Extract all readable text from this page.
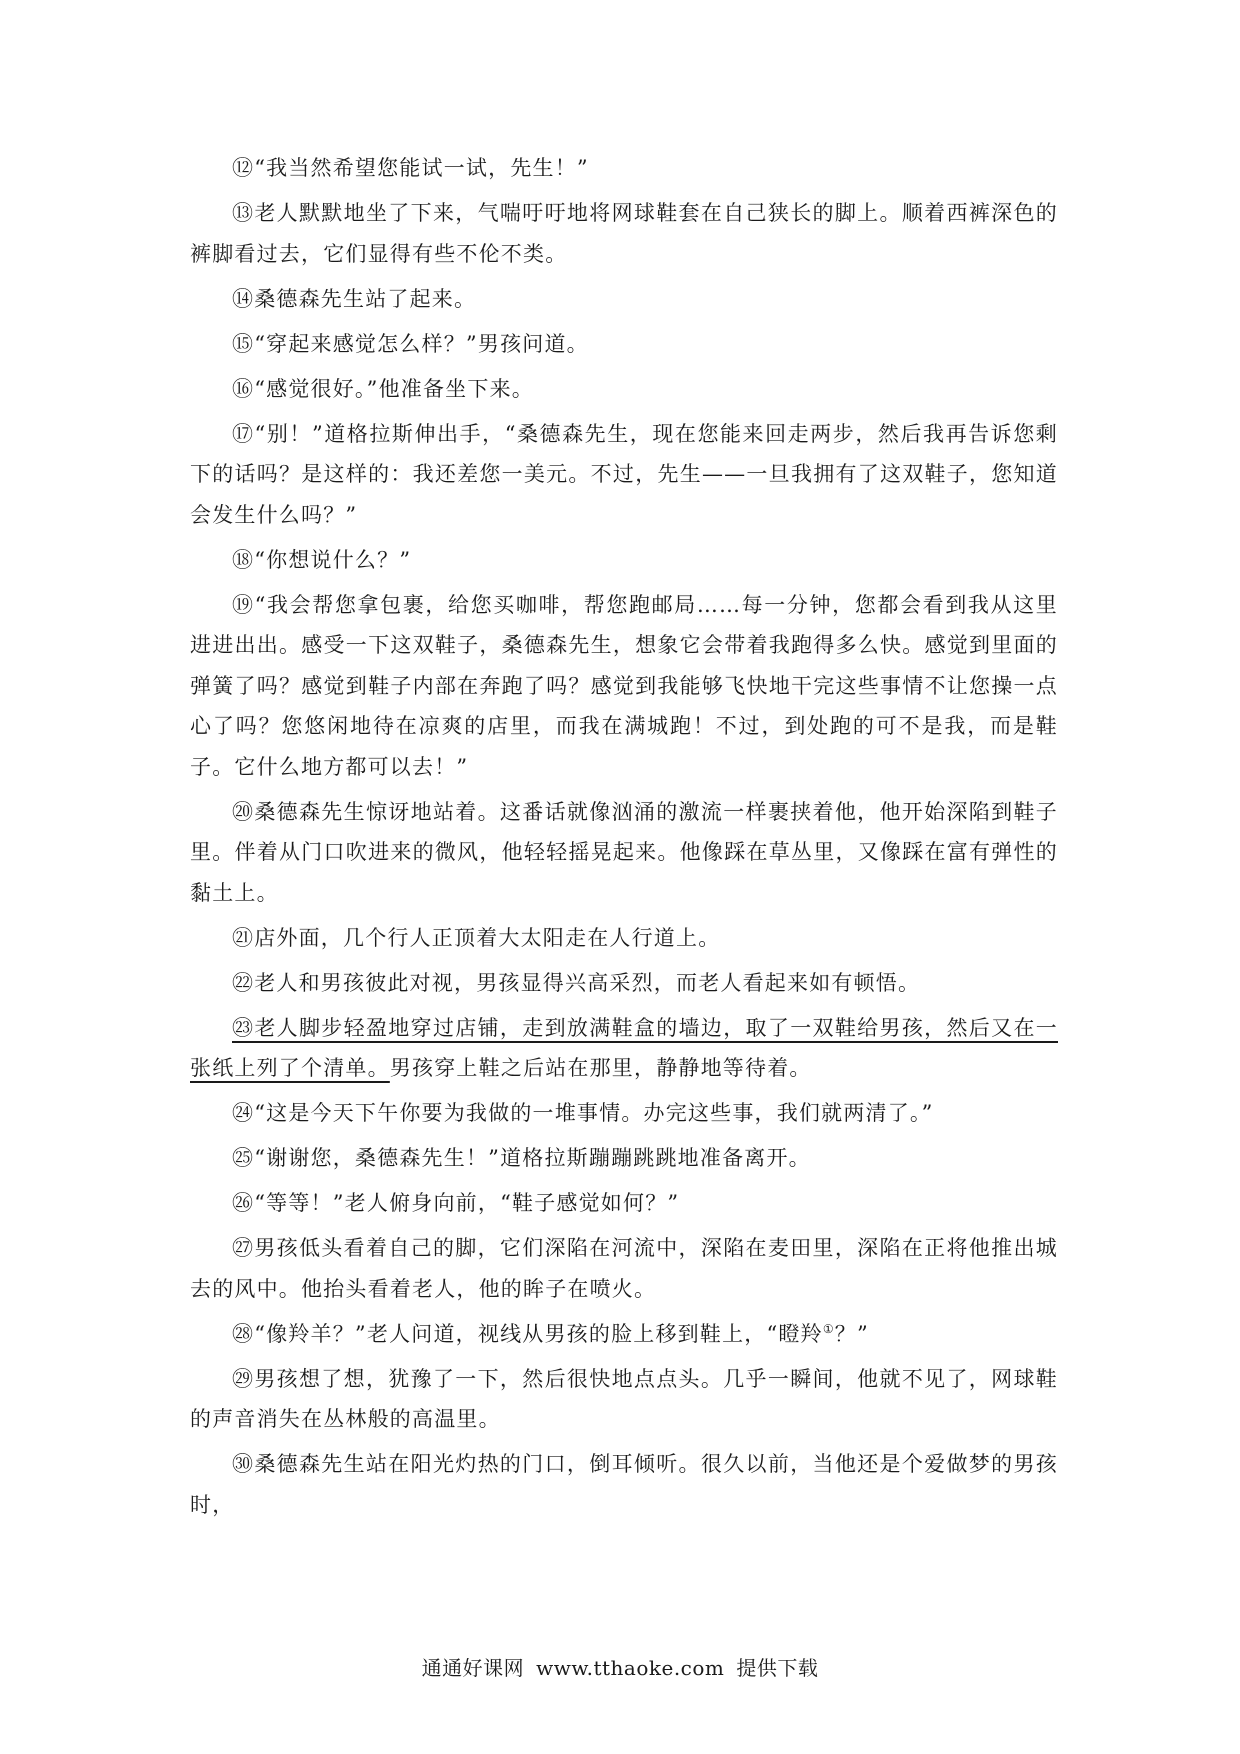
⑫“我当然希望您能试一试，先生！”

⑬老人默默地坐了下来，气喘吁吁地将网球鞋套在自己狭长的脚上。顺着西裤深色的裤脚看过去，它们显得有些不伦不类。

⑭桑德森先生站了起来。

⑮“穿起来感觉怎么样？”男孩问道。

⑯“感觉很好。”他准备坐下来。

⑰“别！”道格拉斯伸出手，“桑德森先生，现在您能来回走两步，然后我再告诉您剩下的话吗？是这样的：我还差您一美元。不过，先生——一旦我拥有了这双鞋子，您知道会发生什么吗？”

⑱“你想说什么？”

⑲“我会帮您拿包裹，给您买咖啡，帮您跑邮局……每一分钟，您都会看到我从这里进进出出。感受一下这双鞋子，桑德森先生，想象它会带着我跑得多么快。感觉到里面的弹簧了吗？感觉到鞋子内部在奔跑了吗？感觉到我能够飞快地干完这些事情不让您操一点心了吗？您悠闲地待在凉爽的店里，而我在满城跑！不过，到处跑的可不是我，而是鞋子。它什么地方都可以去！”

⑳桑德森先生惊讶地站着。这番话就像汹涌的激流一样裹挟着他，他开始深陷到鞋子里。伴着从门口吹进来的微风，他轻轻摇晃起来。他像踩在草丛里，又像踩在富有弹性的黏土上。

㉑店外面，几个行人正顶着大太阳走在人行道上。

㉒老人和男孩彼此对视，男孩显得兴高采烈，而老人看起来如有顿悟。

㉓老人脚步轻盈地穿过店铺，走到放满鞋盒的墙边，取了一双鞋给男孩，然后又在一张纸上列了个清单。男孩穿上鞋之后站在那里，静静地等待着。

㉔“这是今天下午你要为我做的一堆事情。办完这些事，我们就两清了。”

㉕“谢谢您，桑德森先生！”道格拉斯蹦蹦跳跳地准备离开。

㉖“等等！”老人俯身向前，“鞋子感觉如何？”

㉗男孩低头看着自己的脚，它们深陷在河流中，深陷在麦田里，深陷在正将他推出城去的风中。他抬头看着老人，他的眸子在喷火。

㉘“像羚羊？”老人问道，视线从男孩的脸上移到鞋上，“瞪羚①？”

㉙男孩想了想，犹豫了一下，然后很快地点点头。几乎一瞬间，他就不见了，网球鞋的声音消失在丛林般的高温里。

㉚桑德森先生站在阳光灼热的门口，倒耳倾听。很久以前，当他还是个爱做梦的男孩时，

通通好课网 www.tthaoke.com 提供下载
